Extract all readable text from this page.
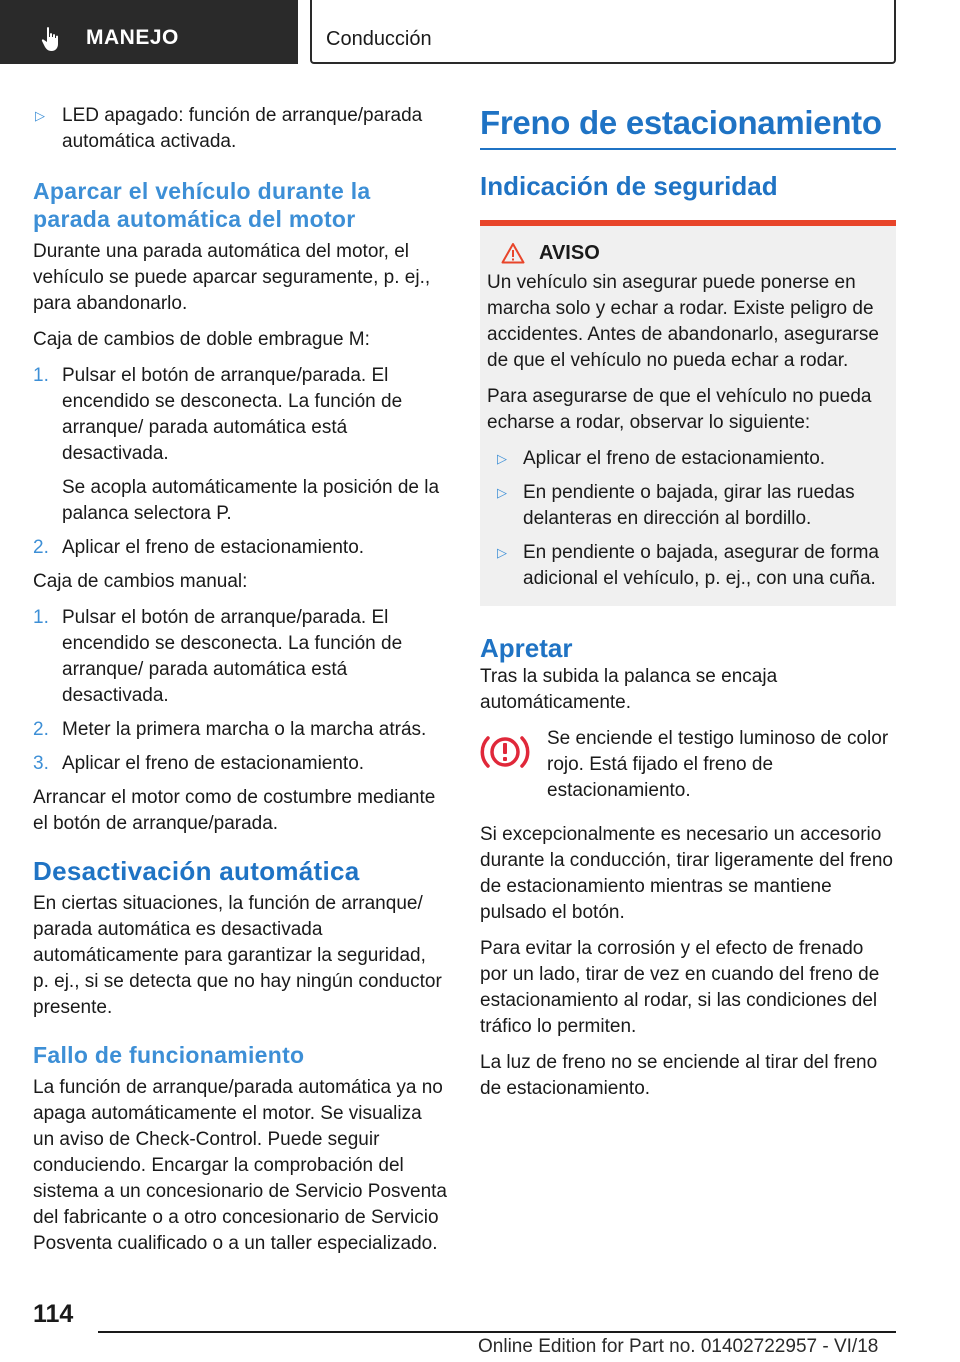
MANEJO	Conducción
▷ LED apagado: función de arranque/parada automática activada.
Aparcar el vehículo durante la parada automática del motor

Durante una parada automática del motor, el vehículo se puede aparcar seguramente, p. ej., para abandonarlo.

Caja de cambios de doble embrague M:

1. Pulsar el botón de arranque/parada. El encendido se desconecta. La función de arranque/ parada automática está desactivada.

Se acopla automáticamente la posición de la palanca selectora P.

2. Aplicar el freno de estacionamiento.

Caja de cambios manual:

1. Pulsar el botón de arranque/parada. El encendido se desconecta. La función de arranque/ parada automática está desactivada.

2. Meter la primera marcha o la marcha atrás.

3. Aplicar el freno de estacionamiento.

Arrancar el motor como de costumbre mediante el botón de arranque/parada.

Desactivación automática

En ciertas situaciones, la función de arranque/ parada automática es desactivada automáticamente para garantizar la seguridad, p. ej., si se detecta que no hay ningún conductor presente.

Fallo de funcionamiento

La función de arranque/parada automática ya no apaga automáticamente el motor. Se visualiza un aviso de Check-Control. Puede seguir conduciendo. Encargar la comprobación del sistema a un concesionario de Servicio Posventa del fabricante o a otro concesionario de Servicio Posventa cualificado o a un taller especializado.

Freno de estacionamiento
Indicación de seguridad
AVISO

Un vehículo sin asegurar puede ponerse en marcha solo y echar a rodar. Existe peligro de accidentes. Antes de abandonarlo, asegurarse de que el vehículo no pueda echar a rodar.

Para asegurarse de que el vehículo no pueda echarse a rodar, observar lo siguiente:

▷ Aplicar el freno de estacionamiento.
▷ En pendiente o bajada, girar las ruedas delanteras en dirección al bordillo.
▷ En pendiente o bajada, asegurar de forma adicional el vehículo, p. ej., con una cuña.
Apretar

Tras la subida la palanca se encaja automáticamente.

Se enciende el testigo luminoso de color rojo. Está fijado el freno de estacionamiento.

Si excepcionalmente es necesario un accesorio durante la conducción, tirar ligeramente del freno de estacionamiento mientras se mantiene pulsado el botón.

Para evitar la corrosión y el efecto de frenado por un lado, tirar de vez en cuando del freno de estacionamiento al rodar, si las condiciones del tráfico lo permiten.

La luz de freno no se enciende al tirar del freno de estacionamiento.

114
Online Edition for Part no. 01402722957 - VI/18
